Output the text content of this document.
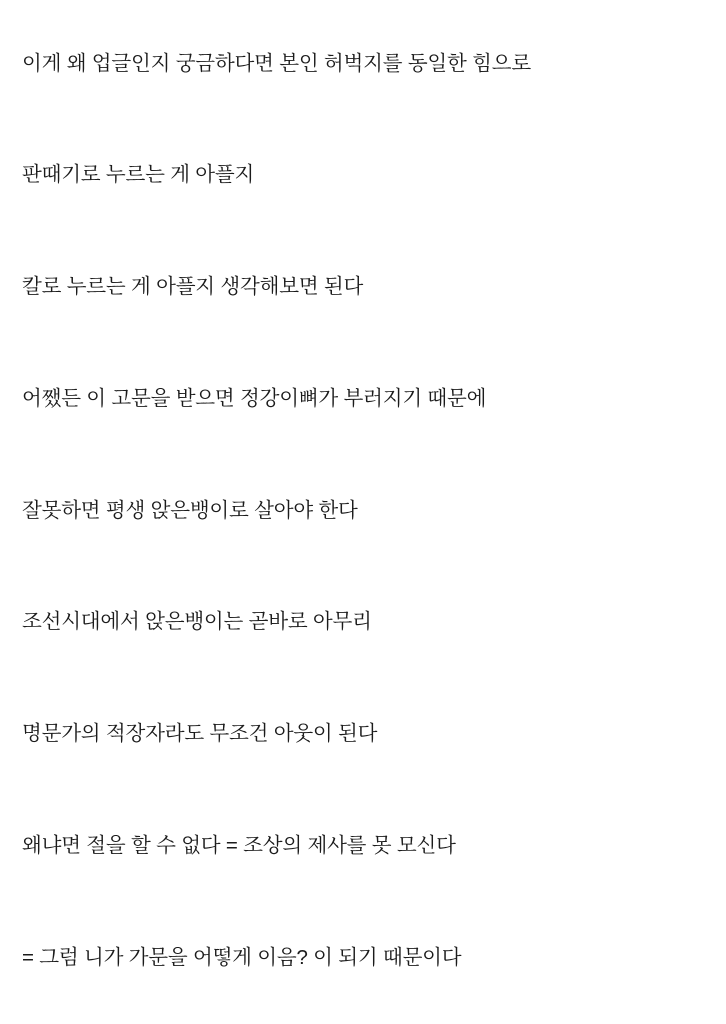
이게 왜 업글인지 궁금하다면 본인 허벅지를 동일한 힘으로

판때기로 누르는 게 아플지

칼로 누르는 게 아플지 생각해보면 된다

어쨌든 이 고문을 받으면 정강이뼈가 부러지기 때문에

잘못하면 평생 앉은뱅이로 살아야 한다

조선시대에서 앉은뱅이는 곧바로 아무리

명문가의 적장자라도 무조건 아웃이 된다

왜냐면 절을 할 수 없다 = 조상의 제사를 못 모신다

= 그럼 니가 가문을 어떻게 이음? 이 되기 때문이다
